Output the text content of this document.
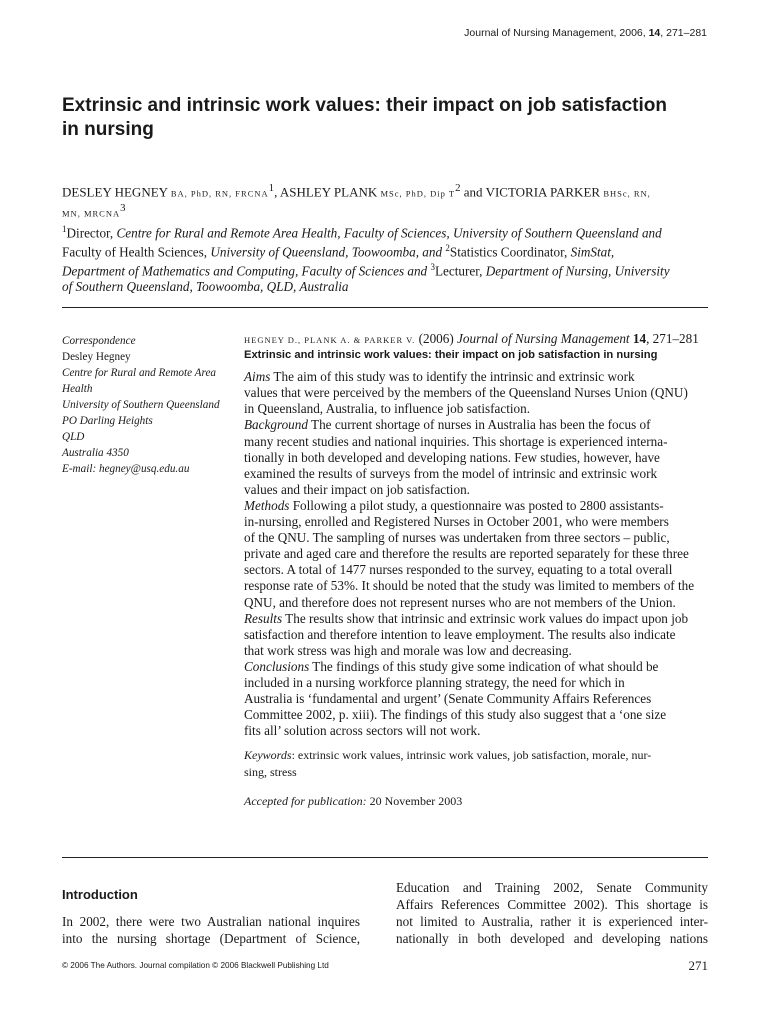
Journal of Nursing Management, 2006, 14, 271–281
Extrinsic and intrinsic work values: their impact on job satisfaction
in nursing
DESLEY HEGNEY BA, PhD, RN, FRCNA$^1$, ASHLEY PLANK MSc, PhD, Dip $T^2$ and VICTORIA PARKER BHSc, RN,
MN, MRCNA$^3$
$^1$Director, Centre for Rural and Remote Area Health, Faculty of Sciences, University of Southern Queensland and
Faculty of Health Sciences, University of Queensland, Toowoomba, and $^2$Statistics Coordinator, SimStat,
Department of Mathematics and Computing, Faculty of Sciences and $^3$Lecturer, Department of Nursing, University
of Southern Queensland, Toowoomba, QLD, Australia
Correspondence
Desley Hegney
Centre for Rural and Remote Area
Health
University of Southern Queensland
PO Darling Heights
QLD
Australia 4350
E-mail: hegney@usq.edu.au
HEGNEY D., PLANK A. & PARKER V. (2006) Journal of Nursing Management 14, 271–281
Extrinsic and intrinsic work values: their impact on job satisfaction in nursing
Aims The aim of this study was to identify the intrinsic and extrinsic work
values that were perceived by the members of the Queensland Nurses Union (QNU)
in Queensland, Australia, to influence job satisfaction.
Background The current shortage of nurses in Australia has been the focus of
many recent studies and national inquiries. This shortage is experienced interna-
tionally in both developed and developing nations. Few studies, however, have
examined the results of surveys from the model of intrinsic and extrinsic work
values and their impact on job satisfaction.
Methods Following a pilot study, a questionnaire was posted to 2800 assistants-
in-nursing, enrolled and Registered Nurses in October 2001, who were members
of the QNU. The sampling of nurses was undertaken from three sectors – public,
private and aged care and therefore the results are reported separately for these three
sectors. A total of 1477 nurses responded to the survey, equating to a total overall
response rate of 53%. It should be noted that the study was limited to members of the
QNU, and therefore does not represent nurses who are not members of the Union.
Results The results show that intrinsic and extrinsic work values do impact upon job
satisfaction and therefore intention to leave employment. The results also indicate
that work stress was high and morale was low and decreasing.
Conclusions The findings of this study give some indication of what should be
included in a nursing workforce planning strategy, the need for which in
Australia is ‘fundamental and urgent’ (Senate Community Affairs References
Committee 2002, p. xiii). The findings of this study also suggest that a ‘one size
fits all’ solution across sectors will not work.
Keywords: extrinsic work values, intrinsic work values, job satisfaction, morale, nur-
sing, stress
Accepted for publication: 20 November 2003
Introduction
In 2002, there were two Australian national inquires
into the nursing shortage (Department of Science,
Education and Training 2002, Senate Community
Affairs References Committee 2002). This shortage is
not limited to Australia, rather it is experienced inter-
nationally in both developed and developing nations
© 2006 The Authors. Journal compilation © 2006 Blackwell Publishing Ltd	271
